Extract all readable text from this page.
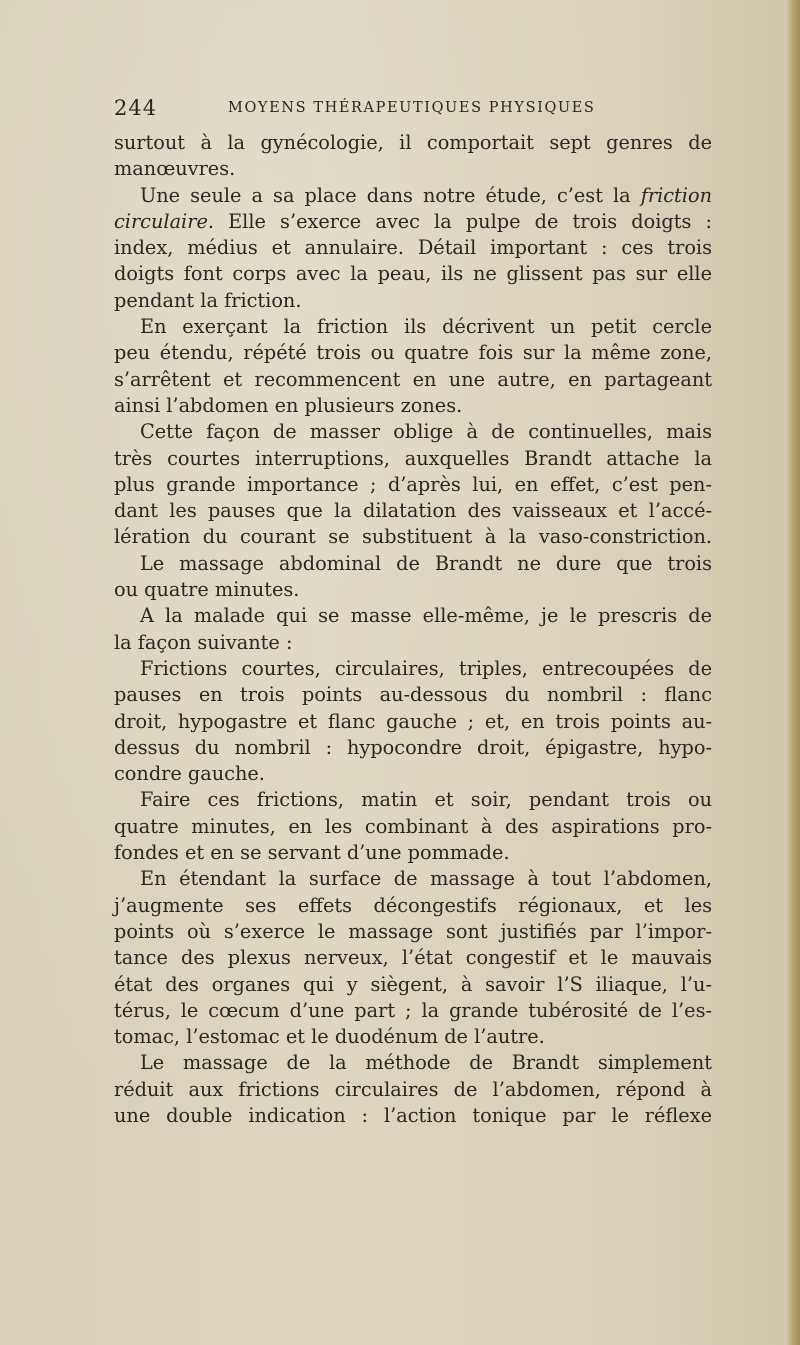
244	MOYENS THÉRAPEUTIQUES PHYSIQUES
surtout à la gynécologie, il comportait sept genres de
manœuvres.
Une seule a sa place dans notre étude, c’est la friction
circulaire. Elle s’exerce avec la pulpe de trois doigts :
index, médius et annulaire. Détail important : ces trois
doigts font corps avec la peau, ils ne glissent pas sur elle
pendant la friction.
En exerçant la friction ils décrivent un petit cercle
peu étendu, répété trois ou quatre fois sur la même zone,
s’arrêtent et recommencent en une autre, en partageant
ainsi l’abdomen en plusieurs zones.
Cette façon de masser oblige à de continuelles, mais
très courtes interruptions, auxquelles Brandt attache la
plus grande importance ; d’après lui, en effet, c’est pen-
dant les pauses que la dilatation des vaisseaux et l’accé-
lération du courant se substituent à la vaso-constriction.
Le massage abdominal de Brandt ne dure que trois
ou quatre minutes.
A la malade qui se masse elle-même, je le prescris de
la façon suivante :
Frictions courtes, circulaires, triples, entrecoupées de
pauses en trois points au-dessous du nombril : flanc
droit, hypogastre et flanc gauche ; et, en trois points au-
dessus du nombril : hypocondre droit, épigastre, hypo-
condre gauche.
Faire ces frictions, matin et soir, pendant trois ou
quatre minutes, en les combinant à des aspirations pro-
fondes et en se servant d’une pommade.
En étendant la surface de massage à tout l’abdomen,
j’augmente ses effets décongestifs régionaux, et les
points où s’exerce le massage sont justifiés par l’impor-
tance des plexus nerveux, l’état congestif et le mauvais
état des organes qui y siègent, à savoir l’S iliaque, l’u-
térus, le cœcum d’une part ; la grande tubérosité de l’es-
tomac, l’estomac et le duodénum de l’autre.
Le massage de la méthode de Brandt simplement
réduit aux frictions circulaires de l’abdomen, répond à
une double indication : l’action tonique par le réflexe
